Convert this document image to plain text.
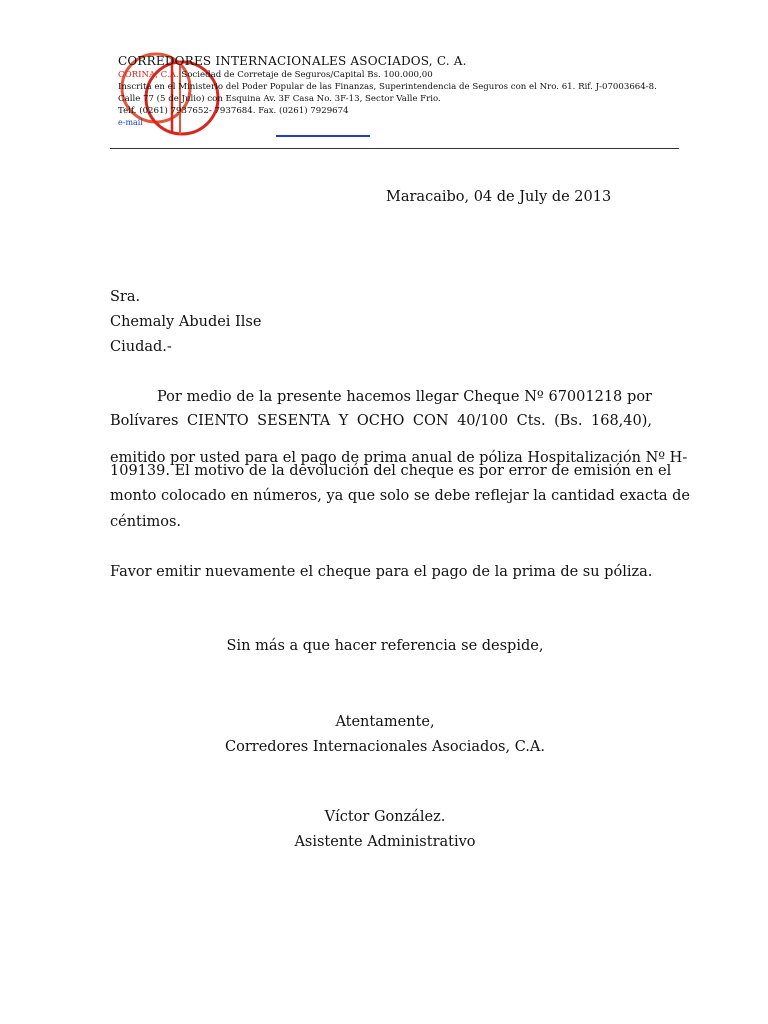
CORREDORES INTERNACIONALES ASOCIADOS, C. A.
CORINA, C.A. Sociedad de Corretaje de Seguros/Capital Bs. 100.000,00
Inscrita en el Ministerio del Poder Popular de las Finanzas, Superintendencia de Seguros con el Nro. 61. Rif. J-07003664-8.
Calle 77 (5 de Julio) con Esquina Av. 3F Casa No. 3F-13, Sector Valle Frio.
Telf. (0261) 7937652- 7937684. Fax. (0261) 7929674
e-mail
Maracaibo, 04 de July de 2013
Sra.
Chemaly Abudei Ilse
Ciudad.-
Por medio de la presente hacemos llegar Cheque Nº 67001218 por
Bolívares CIENTO SESENTA Y OCHO CON 40/100 Cts. (Bs. 168,40),
emitido por usted para el pago de prima anual de póliza Hospitalización Nº H-
109139. El motivo de la devolución del cheque es por error de emisión en el
monto colocado en números, ya que solo se debe reflejar la cantidad exacta de
céntimos.
Favor emitir nuevamente el cheque para el pago de la prima de su póliza.
Sin más a que hacer referencia se despide,
Atentamente,
Corredores Internacionales Asociados, C.A.
Víctor González.
Asistente Administrativo
